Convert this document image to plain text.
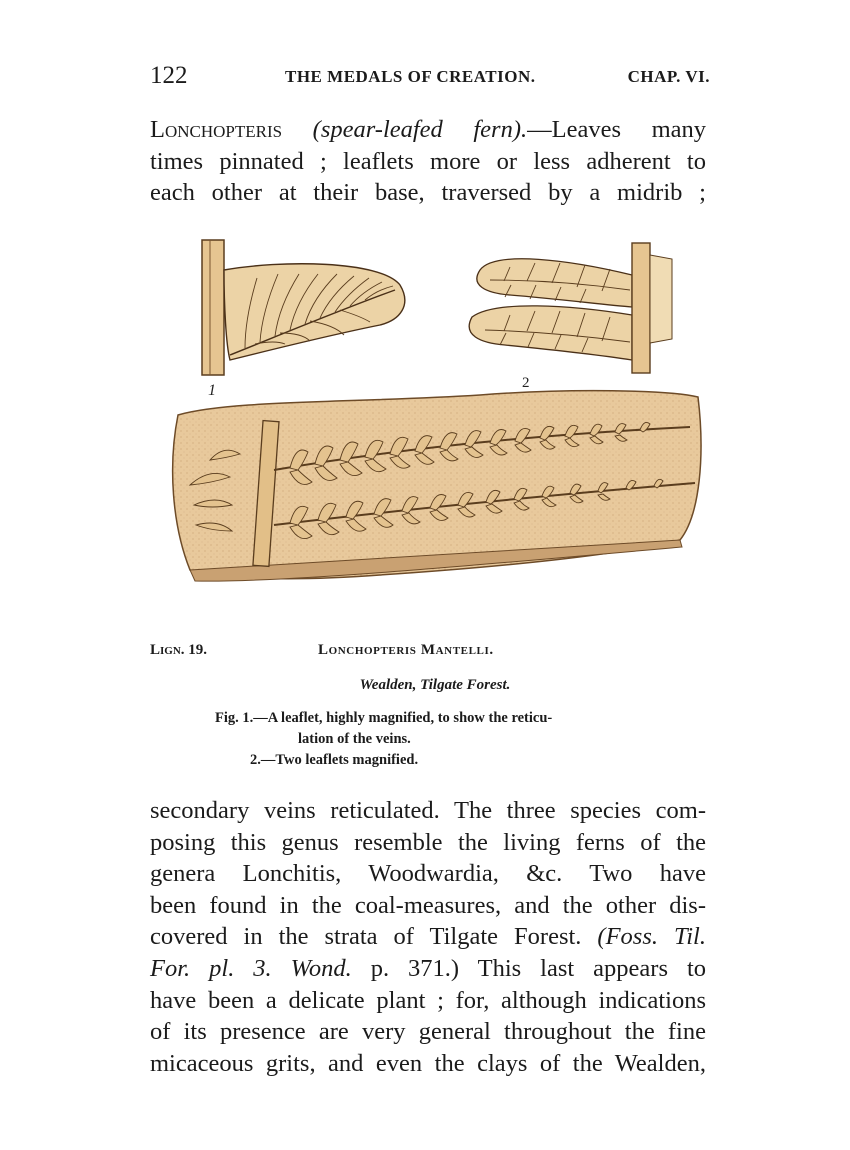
122	THE MEDALS OF CREATION.	CHAP. VI.
Lonchopteris (spear-leafed fern).—Leaves many
times pinnated ; leaflets more or less adherent to
each other at their base, traversed by a midrib ;
1	2
Lign. 19.	Lonchopteris Mantelli.
Wealden, Tilgate Forest.

Fig. 1.—A leaflet, highly magnified, to show the reticu-

lation of the veins.

2.—Two leaflets magnified.

secondary veins reticulated. The three species com-
posing this genus resemble the living ferns of the
genera Lonchitis, Woodwardia, &c. Two have
been found in the coal-measures, and the other dis-
covered in the strata of Tilgate Forest. (Foss. Til.
For. pl. 3. Wond. p. 371.) This last appears to
have been a delicate plant ; for, although indications
of its presence are very general throughout the fine
micaceous grits, and even the clays of the Wealden,
